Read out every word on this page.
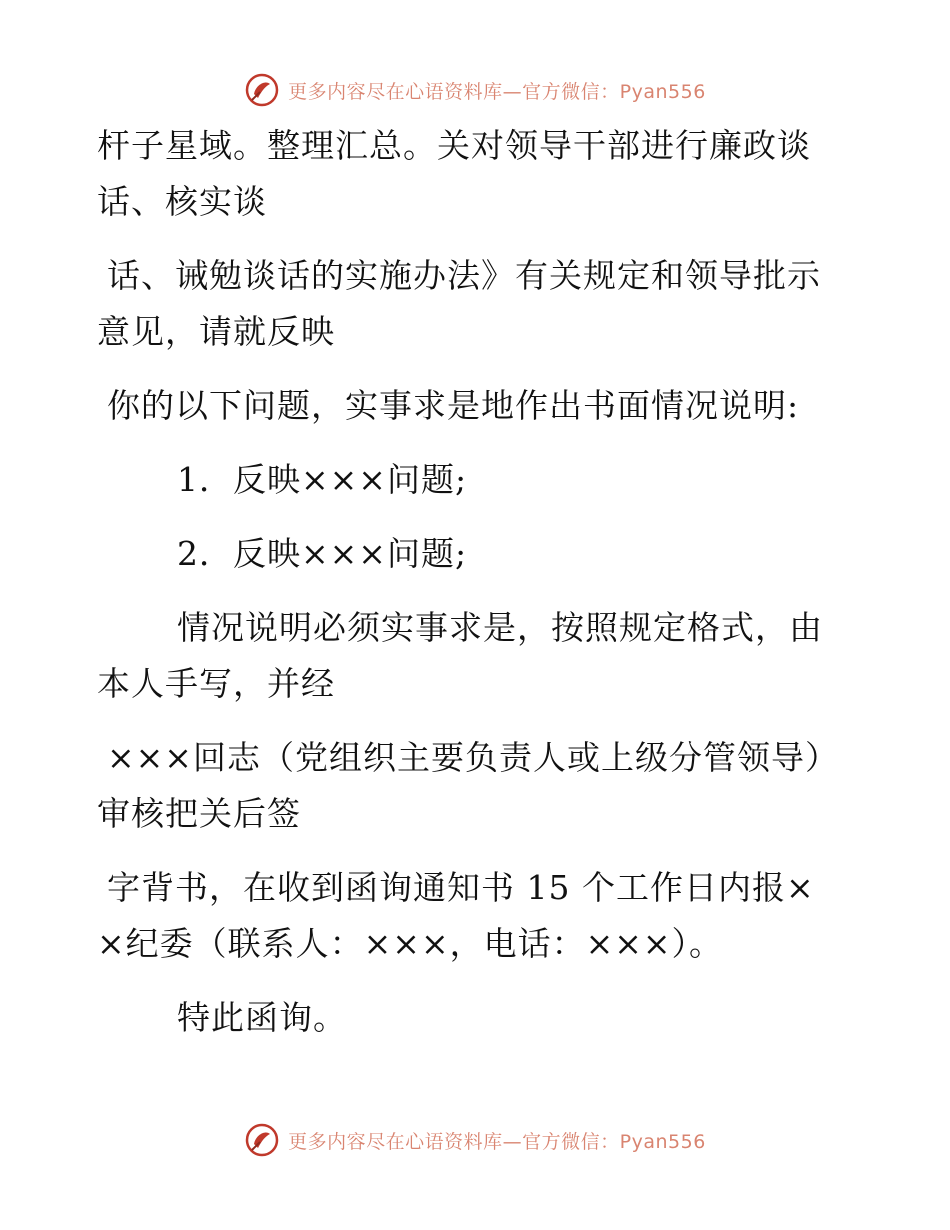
更多内容尽在心语资料库—官方微信：Pyan556

杆子星域。整理汇总。关对领导干部进行廉政谈话、核实谈

话、诫勉谈话的实施办法》有关规定和领导批示意见，请就反映

你的以下问题，实事求是地作出书面情况说明:

1．反映×××问题;

2．反映×××问题;

情况说明必须实事求是，按照规定格式，由本人手写，并经

×××回志（党组织主要负责人或上级分管领导）审核把关后签

字背书，在收到函询通知书 15 个工作日内报××纪委（联系人：×××，电话：×××）。

特此函询。

更多内容尽在心语资料库—官方微信：Pyan556
